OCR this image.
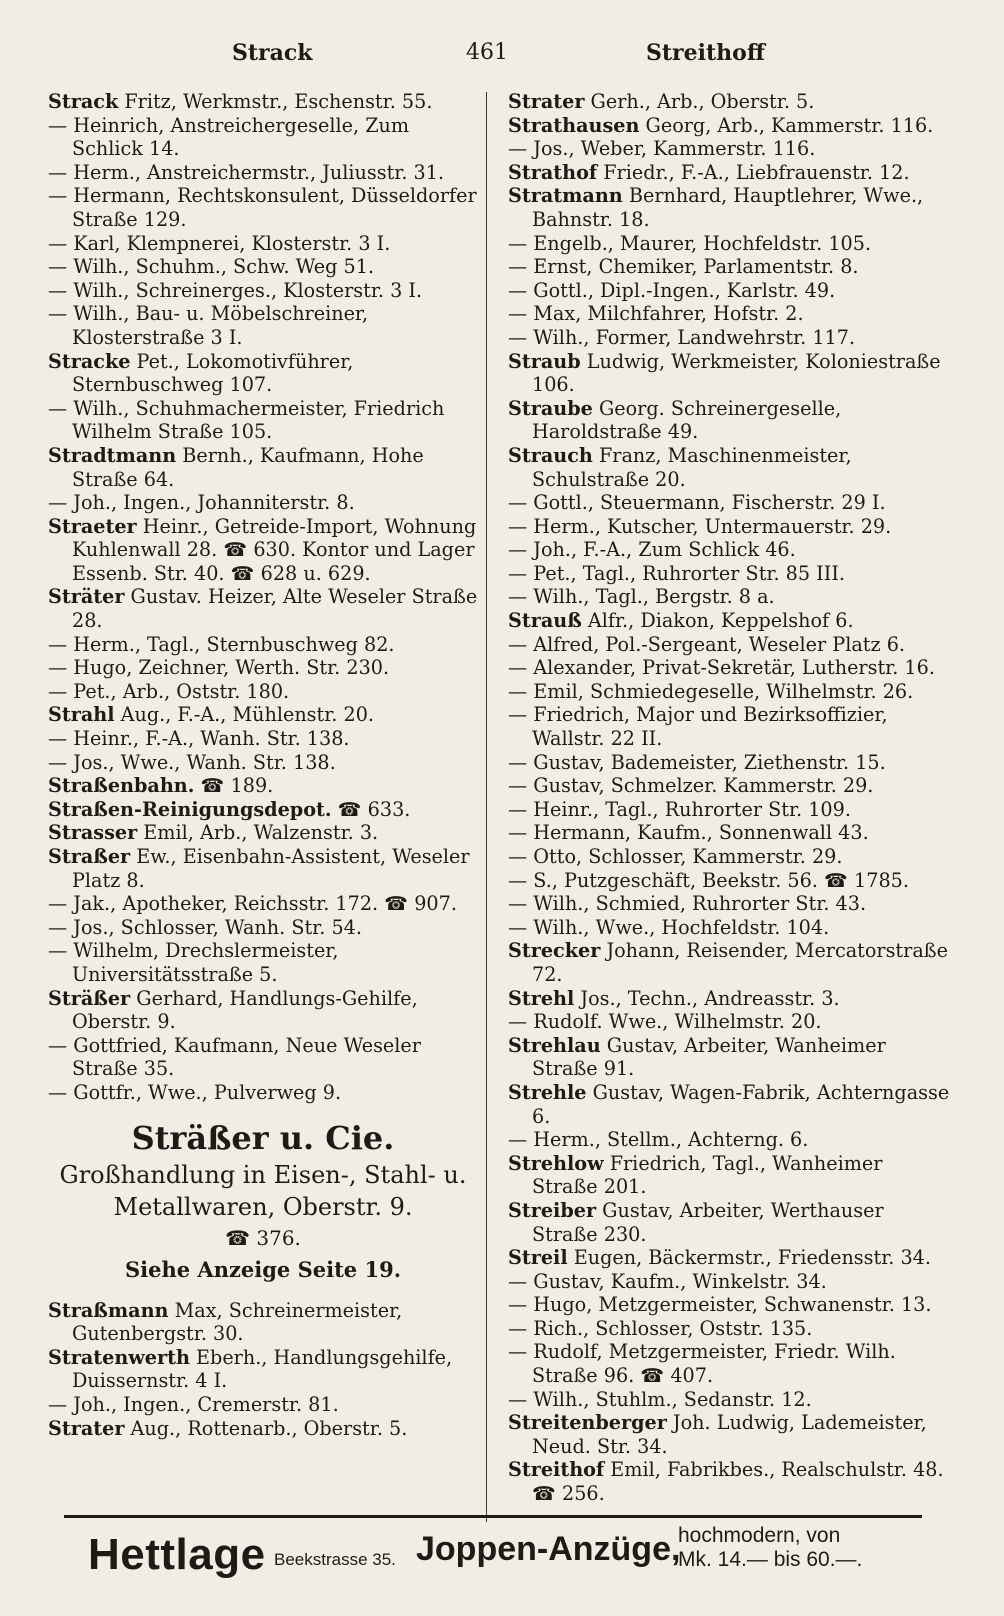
Strack	461	Streithoff
Strack Fritz, Werkmstr., Eschenstr. 55.
— Heinrich, Anstreichergeselle, Zum Schlick 14.
— Herm., Anstreichermstr., Juliusstr. 31.
— Hermann, Rechtskonsulent, Düsseldorfer Straße 129.
— Karl, Klempnerei, Klosterstr. 3 I.
— Wilh., Schuhm., Schw. Weg 51.
— Wilh., Schreinerges., Klosterstr. 3 I.
— Wilh., Bau- u. Möbelschreiner, Klosterstraße 3 I.
Stracke Pet., Lokomotivführer, Sternbuschweg 107.
— Wilh., Schuhmachermeister, Friedrich Wilhelm Straße 105.
Stradtmann Bernh., Kaufmann, Hohe Straße 64.
— Joh., Ingen., Johanniterstr. 8.
Straeter Heinr., Getreide-Import, Wohnung Kuhlenwall 28. ☎ 630. Kontor und Lager Essenb. Str. 40. ☎ 628 u. 629.
Sträter Gustav. Heizer, Alte Weseler Straße 28.
— Herm., Tagl., Sternbuschweg 82.
— Hugo, Zeichner, Werth. Str. 230.
— Pet., Arb., Oststr. 180.
Strahl Aug., F.-A., Mühlenstr. 20.
— Heinr., F.-A., Wanh. Str. 138.
— Jos., Wwe., Wanh. Str. 138.
Straßenbahn. ☎ 189.
Straßen-Reinigungsdepot. ☎ 633.
Strasser Emil, Arb., Walzenstr. 3.
Straßer Ew., Eisenbahn-Assistent, Weseler Platz 8.
— Jak., Apotheker, Reichsstr. 172. ☎ 907.
— Jos., Schlosser, Wanh. Str. 54.
— Wilhelm, Drechslermeister, Universitätsstraße 5.
Sträßer Gerhard, Handlungs-Gehilfe, Oberstr. 9.
— Gottfried, Kaufmann, Neue Weseler Straße 35.
— Gottfr., Wwe., Pulverweg 9.
Sträßer u. Cie.
Großhandlung in Eisen-, Stahl- u.
Metallwaren, Oberstr. 9.
☎ 376.
Siehe Anzeige Seite 19.
Straßmann Max, Schreinermeister, Gutenbergstr. 30.
Stratenwerth Eberh., Handlungsgehilfe, Duissernstr. 4 I.
— Joh., Ingen., Cremerstr. 81.
Strater Aug., Rottenarb., Oberstr. 5.
Strater Gerh., Arb., Oberstr. 5.
Strathausen Georg, Arb., Kammerstr. 116.
— Jos., Weber, Kammerstr. 116.
Strathof Friedr., F.-A., Liebfrauenstr. 12.
Stratmann Bernhard, Hauptlehrer, Wwe., Bahnstr. 18.
— Engelb., Maurer, Hochfeldstr. 105.
— Ernst, Chemiker, Parlamentstr. 8.
— Gottl., Dipl.-Ingen., Karlstr. 49.
— Max, Milchfahrer, Hofstr. 2.
— Wilh., Former, Landwehrstr. 117.
Straub Ludwig, Werkmeister, Koloniestraße 106.
Straube Georg. Schreinergeselle, Haroldstraße 49.
Strauch Franz, Maschinenmeister, Schulstraße 20.
— Gottl., Steuermann, Fischerstr. 29 I.
— Herm., Kutscher, Untermauerstr. 29.
— Joh., F.-A., Zum Schlick 46.
— Pet., Tagl., Ruhrorter Str. 85 III.
— Wilh., Tagl., Bergstr. 8 a.
Strauß Alfr., Diakon, Keppelshof 6.
— Alfred, Pol.-Sergeant, Weseler Platz 6.
— Alexander, Privat-Sekretär, Lutherstr. 16.
— Emil, Schmiedegeselle, Wilhelmstr. 26.
— Friedrich, Major und Bezirksoffizier, Wallstr. 22 II.
— Gustav, Bademeister, Ziethenstr. 15.
— Gustav, Schmelzer. Kammerstr. 29.
— Heinr., Tagl., Ruhrorter Str. 109.
— Hermann, Kaufm., Sonnenwall 43.
— Otto, Schlosser, Kammerstr. 29.
— S., Putzgeschäft, Beekstr. 56. ☎ 1785.
— Wilh., Schmied, Ruhrorter Str. 43.
— Wilh., Wwe., Hochfeldstr. 104.
Strecker Johann, Reisender, Mercatorstraße 72.
Strehl Jos., Techn., Andreasstr. 3.
— Rudolf. Wwe., Wilhelmstr. 20.
Strehlau Gustav, Arbeiter, Wanheimer Straße 91.
Strehle Gustav, Wagen-Fabrik, Achterngasse 6.
— Herm., Stellm., Achterng. 6.
Strehlow Friedrich, Tagl., Wanheimer Straße 201.
Streiber Gustav, Arbeiter, Werthauser Straße 230.
Streil Eugen, Bäckermstr., Friedensstr. 34.
— Gustav, Kaufm., Winkelstr. 34.
— Hugo, Metzgermeister, Schwanenstr. 13.
— Rich., Schlosser, Oststr. 135.
— Rudolf, Metzgermeister, Friedr. Wilh. Straße 96. ☎ 407.
— Wilh., Stuhlm., Sedanstr. 12.
Streitenberger Joh. Ludwig, Lademeister, Neud. Str. 34.
Streithof Emil, Fabrikbes., Realschulstr. 48. ☎ 256.
Hettlage Beekstrasse 35. Joppen-Anzüge,
hochmodern, von
Mk. 14.— bis 60.—.
